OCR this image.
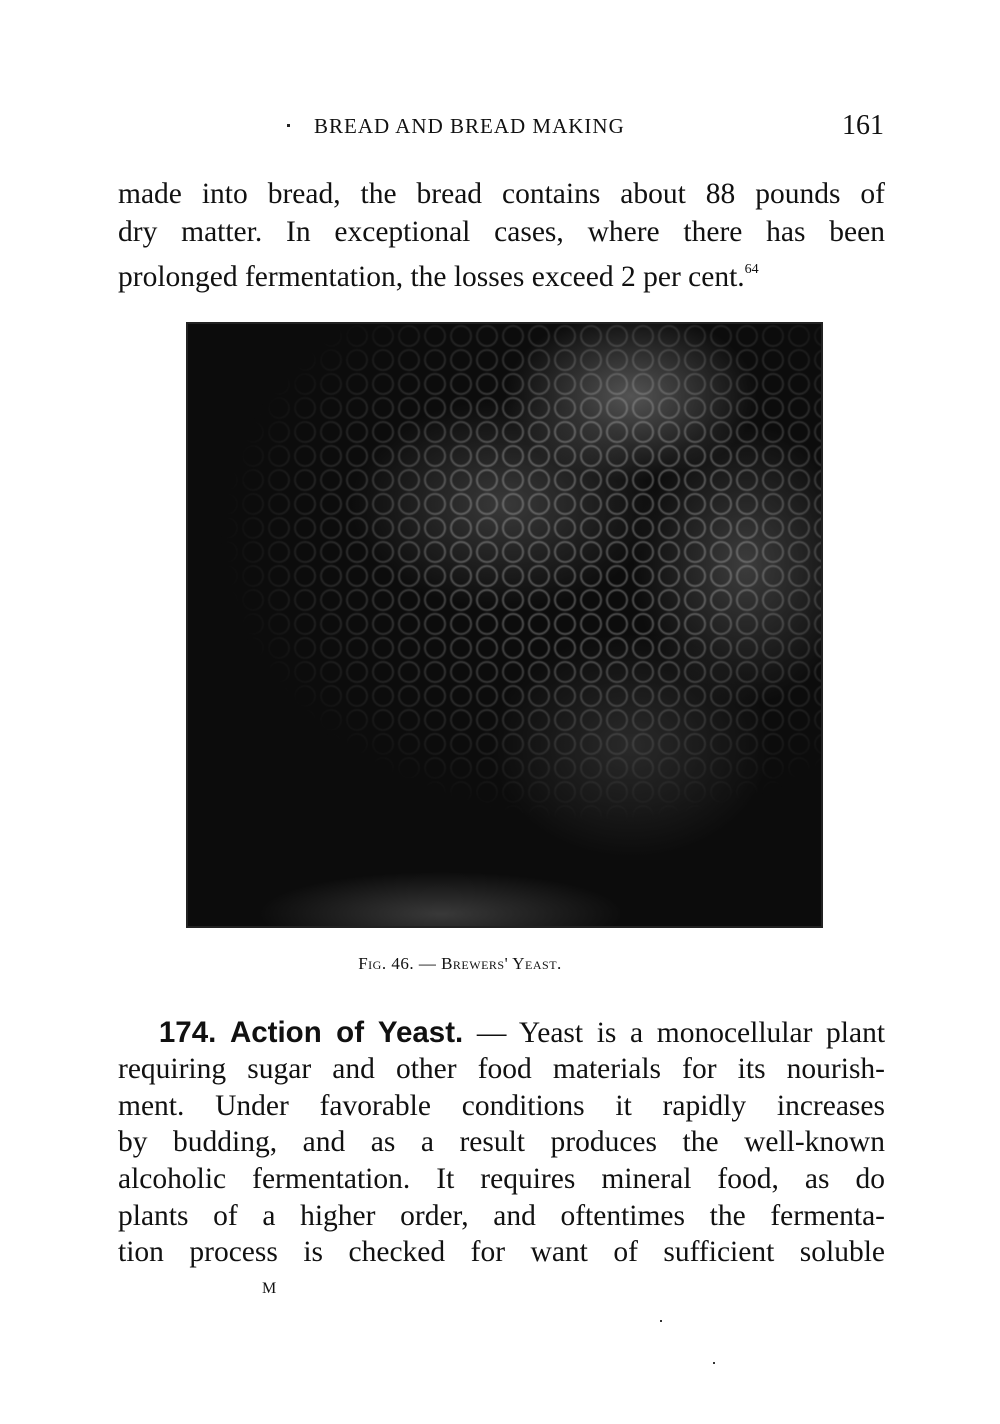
BREAD AND BREAD MAKING	161
made into bread, the bread contains about 88 pounds of
dry matter. In exceptional cases, where there has been
prolonged fermentation, the losses exceed 2 per cent.$^{64}$
Fig. 46. — Brewers' Yeast.
174. Action of Yeast. — Yeast is a monocellular plant
requiring sugar and other food materials for its nourish-
ment. Under favorable conditions it rapidly increases
by budding, and as a result produces the well-known
alcoholic fermentation. It requires mineral food, as do
plants of a higher order, and oftentimes the fermenta-
tion process is checked for want of sufficient soluble
M
